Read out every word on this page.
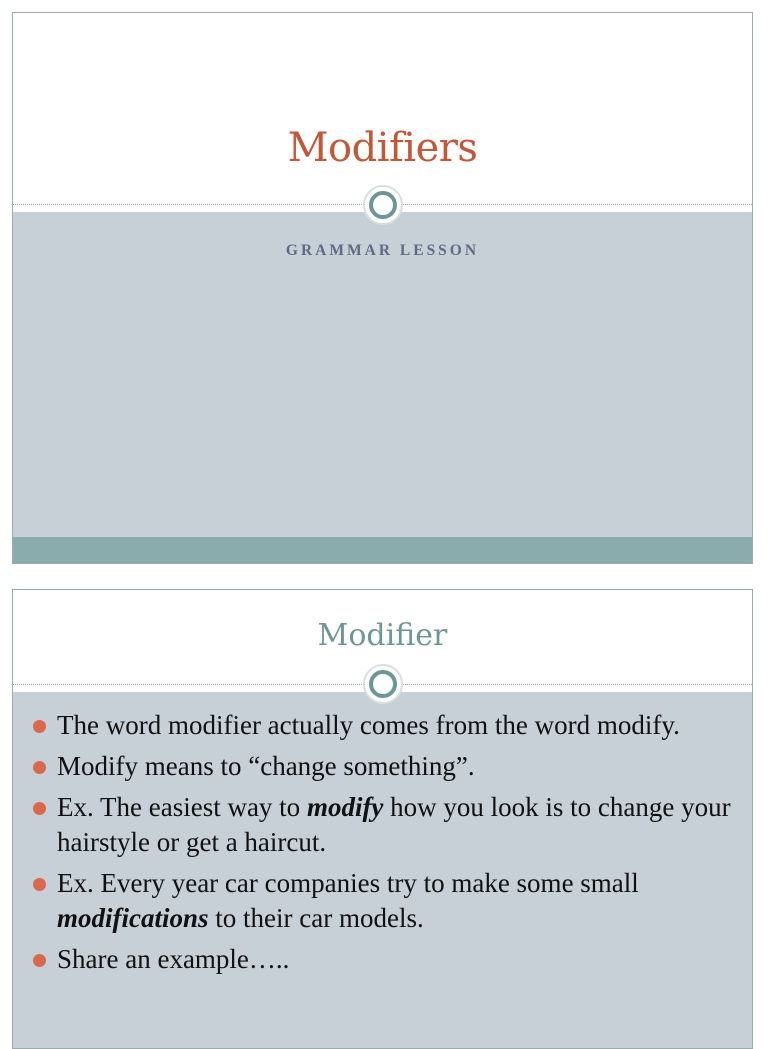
Modifiers
GRAMMAR LESSON
Modifier
The word modifier actually comes from the word modify.
Modify means to “change something”.
Ex. The easiest way to modify how you look is to change your hairstyle or get a haircut.
Ex. Every year car companies try to make some small modifications to their car models.
Share an example…..
